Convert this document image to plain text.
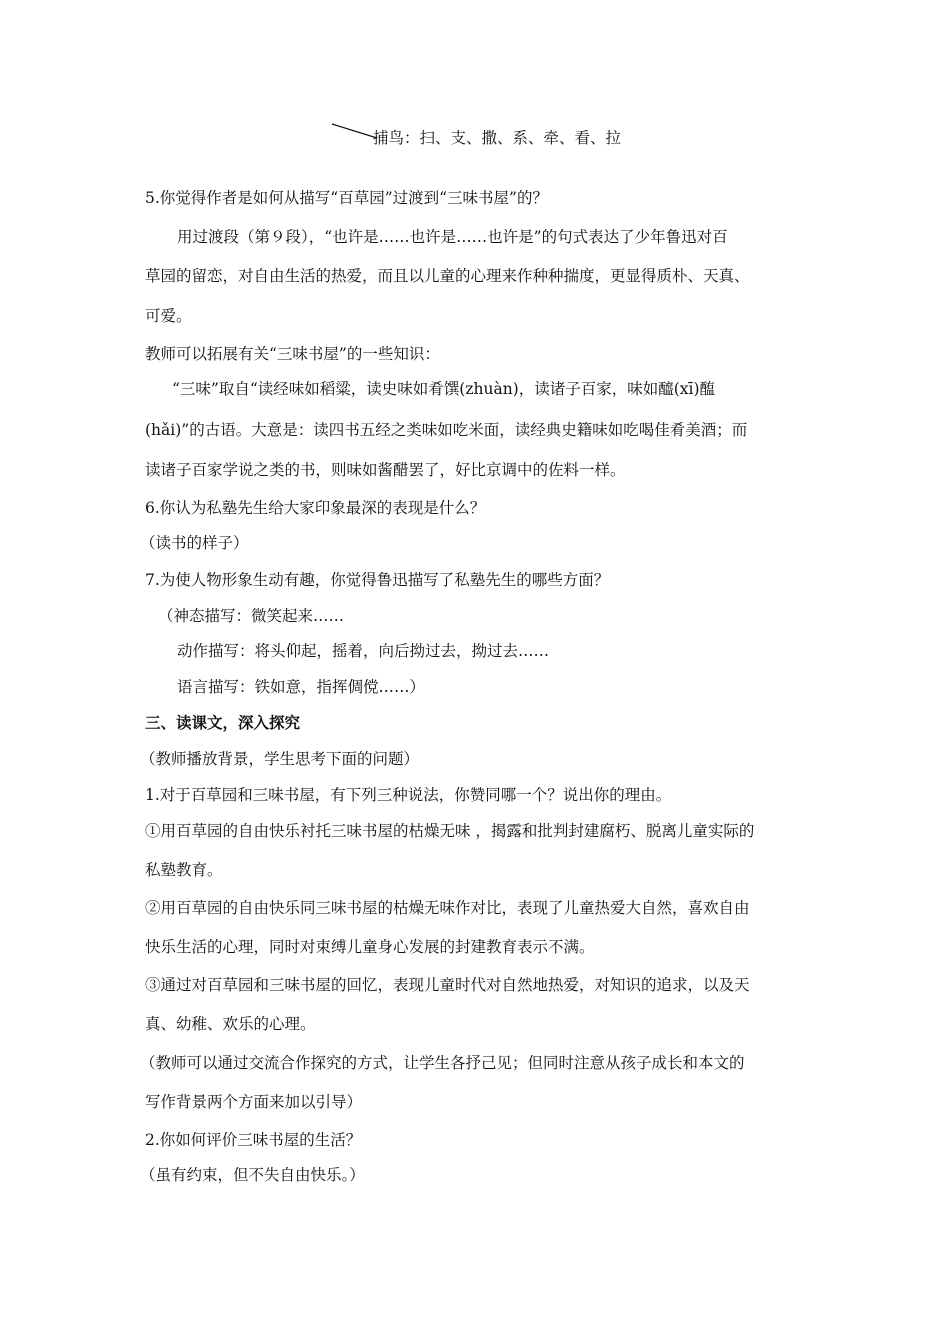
捕鸟：扫、支、撒、系、牵、看、拉
5.你觉得作者是如何从描写“百草园”过渡到“三味书屋”的？
用过渡段（第９段），“也许是……也许是……也许是”的句式表达了少年鲁迅对百
草园的留恋，对自由生活的热爱，而且以儿童的心理来作种种揣度，更显得质朴、天真、
可爱。
教师可以拓展有关“三味书屋”的一些知识：
“三味”取自“读经味如稻粱，读史味如肴馔(zhuàn)，读诸子百家，味如醯(xī)醢
(hǎi)”的古语。大意是：读四书五经之类味如吃米面，读经典史籍味如吃喝佳肴美酒；而
读诸子百家学说之类的书，则味如酱醋罢了，好比京调中的佐料一样。
6.你认为私塾先生给大家印象最深的表现是什么？
（读书的样子）
7.为使人物形象生动有趣，你觉得鲁迅描写了私塾先生的哪些方面？
（神态描写：微笑起来……
动作描写：将头仰起，摇着，向后拗过去，拗过去……
语言描写：铁如意，指挥倜傥……）
三、读课文，深入探究
（教师播放背景，学生思考下面的问题）
1.对于百草园和三味书屋，有下列三种说法，你赞同哪一个？说出你的理由。
①用百草园的自由快乐衬托三味书屋的枯燥无味 ，揭露和批判封建腐朽、脱离儿童实际的
私塾教育。
②用百草园的自由快乐同三味书屋的枯燥无味作对比，表现了儿童热爱大自然，喜欢自由
快乐生活的心理，同时对束缚儿童身心发展的封建教育表示不满。
③通过对百草园和三味书屋的回忆，表现儿童时代对自然地热爱，对知识的追求，以及天
真、幼稚、欢乐的心理。
（教师可以通过交流合作探究的方式，让学生各抒己见；但同时注意从孩子成长和本文的
写作背景两个方面来加以引导）
2.你如何评价三味书屋的生活？
（虽有约束，但不失自由快乐。）
